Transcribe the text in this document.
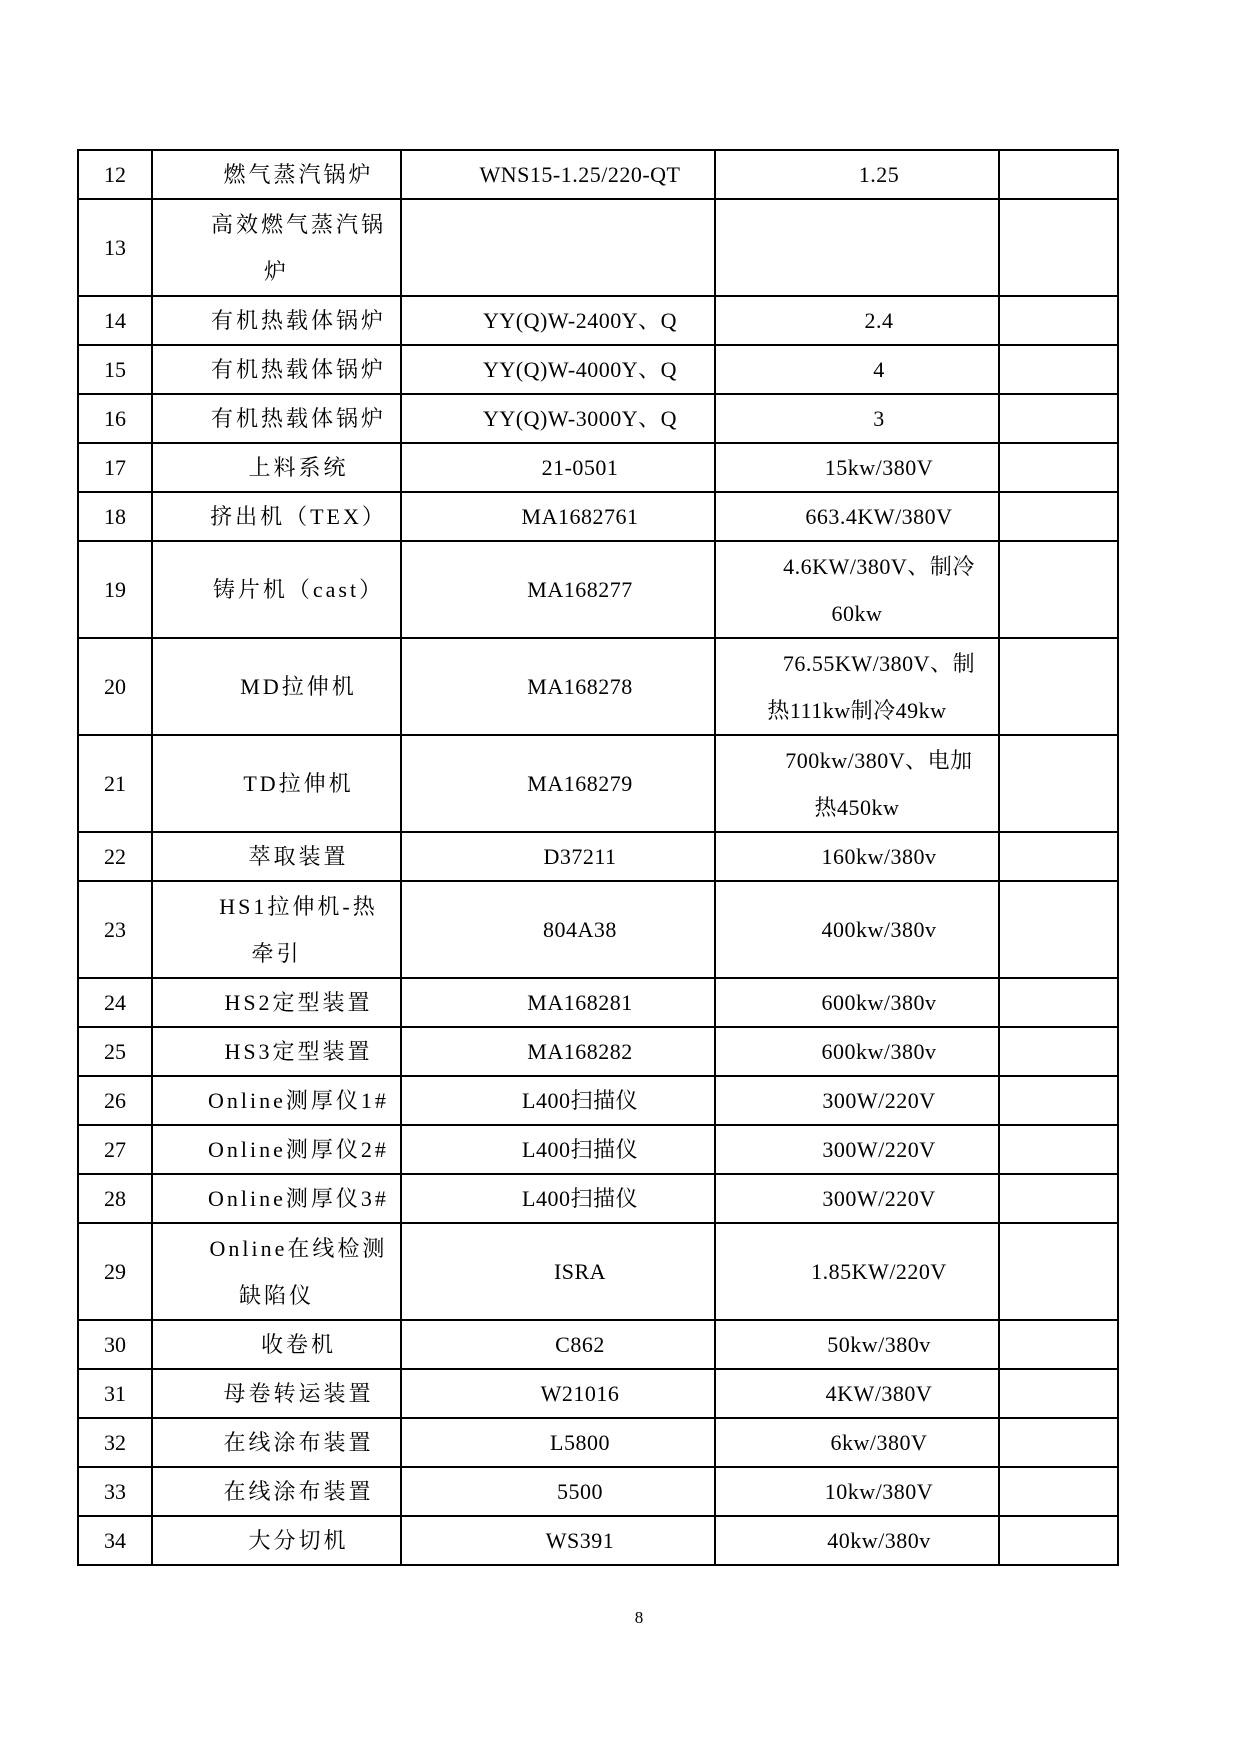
12	燃气蒸汽锅炉	WNS15-1.25/220-QT	1.25	

13	高效燃气蒸汽锅
炉			

14	有机热载体锅炉	YY(Q)W-2400Y、Q	2.4	

15	有机热载体锅炉	YY(Q)W-4000Y、Q	4	

16	有机热载体锅炉	YY(Q)W-3000Y、Q	3	

17	上料系统	21-0501	15kw/380V	

18	挤出机（TEX）	MA1682761	663.4KW/380V	

19	铸片机（cast）	MA168277	4.6KW/380V、制冷
60kw	

20	MD拉伸机	MA168278	76.55KW/380V、制
热111kw制冷49kw	

21	TD拉伸机	MA168279	700kw/380V、电加
热450kw	

22	萃取装置	D37211	160kw/380v	

23	HS1拉伸机-热
牵引	804A38	400kw/380v	

24	HS2定型装置	MA168281	600kw/380v	

25	HS3定型装置	MA168282	600kw/380v	

26	Online测厚仪1#	L400扫描仪	300W/220V	

27	Online测厚仪2#	L400扫描仪	300W/220V	

28	Online测厚仪3#	L400扫描仪	300W/220V	

29	Online在线检测
缺陷仪	ISRA	1.85KW/220V	

30	收卷机	C862	50kw/380v	

31	母卷转运装置	W21016	4KW/380V	

32	在线涂布装置	L5800	6kw/380V	

33	在线涂布装置	5500	10kw/380V	

34	大分切机	WS391	40kw/380v	

8
